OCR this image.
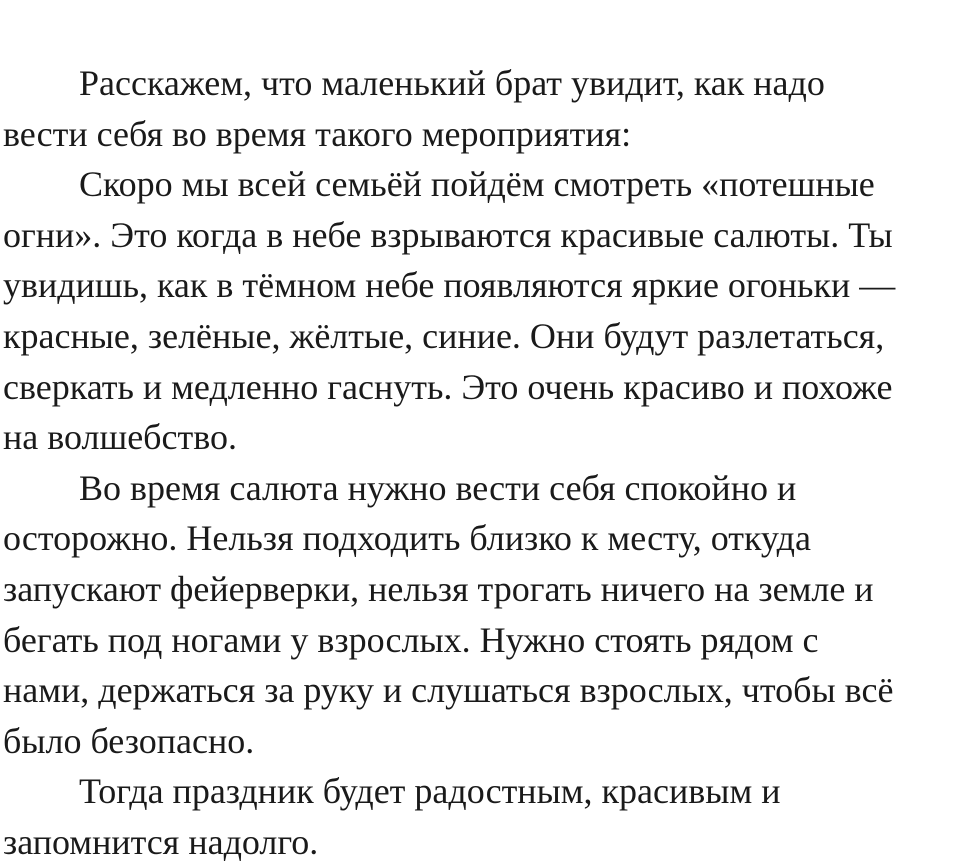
Расскажем, что маленький брат увидит, как надо
вести себя во время такого мероприятия:

Скоро мы всей семьёй пойдём смотреть «потешные
огни». Это когда в небе взрываются красивые салюты. Ты
увидишь, как в тёмном небе появляются яркие огоньки —
красные, зелёные, жёлтые, синие. Они будут разлетаться,
сверкать и медленно гаснуть. Это очень красиво и похоже
на волшебство.

Во время салюта нужно вести себя спокойно и
осторожно. Нельзя подходить близко к месту, откуда
запускают фейерверки, нельзя трогать ничего на земле и
бегать под ногами у взрослых. Нужно стоять рядом с
нами, держаться за руку и слушаться взрослых, чтобы всё
было безопасно.

Тогда праздник будет радостным, красивым и
запомнится надолго.
